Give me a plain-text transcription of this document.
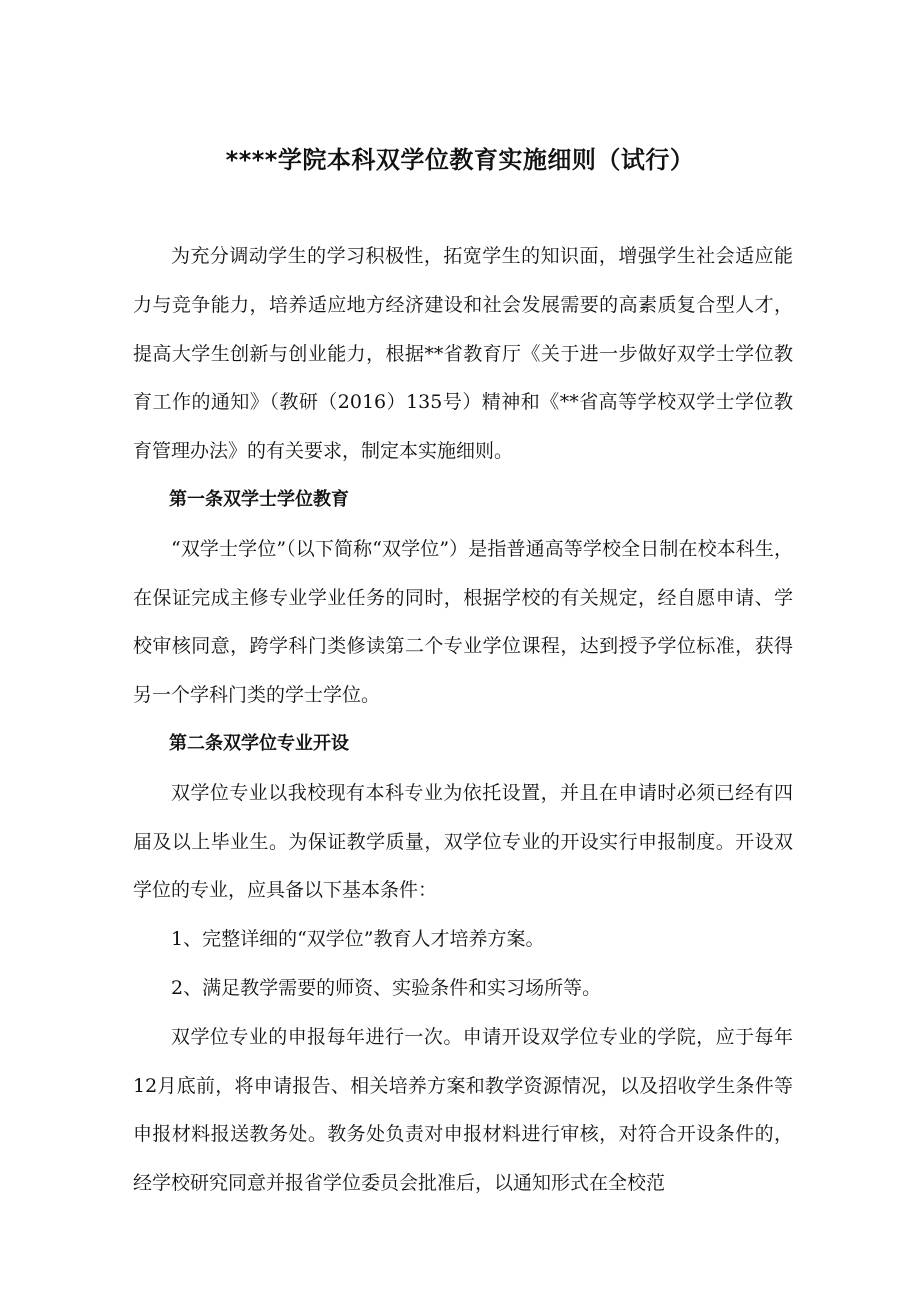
****学院本科双学位教育实施细则（试行）

为充分调动学生的学习积极性，拓宽学生的知识面，增强学生社会适应能力与竞争能力，培养适应地方经济建设和社会发展需要的高素质复合型人才，提高大学生创新与创业能力，根据**省教育厅《关于进一步做好双学士学位教育工作的通知》（教研（2016）135号）精神和《**省高等学校双学士学位教育管理办法》的有关要求，制定本实施细则。

第一条双学士学位教育

“双学士学位”（以下简称“双学位”）是指普通高等学校全日制在校本科生，在保证完成主修专业学业任务的同时，根据学校的有关规定，经自愿申请、学校审核同意，跨学科门类修读第二个专业学位课程，达到授予学位标准，获得另一个学科门类的学士学位。

第二条双学位专业开设

双学位专业以我校现有本科专业为依托设置，并且在申请时必须已经有四届及以上毕业生。为保证教学质量，双学位专业的开设实行申报制度。开设双学位的专业，应具备以下基本条件：

1、完整详细的“双学位”教育人才培养方案。

2、满足教学需要的师资、实验条件和实习场所等。

双学位专业的申报每年进行一次。申请开设双学位专业的学院，应于每年12月底前，将申请报告、相关培养方案和教学资源情况，以及招收学生条件等申报材料报送教务处。教务处负责对申报材料进行审核，对符合开设条件的，经学校研究同意并报省学位委员会批准后，以通知形式在全校范
